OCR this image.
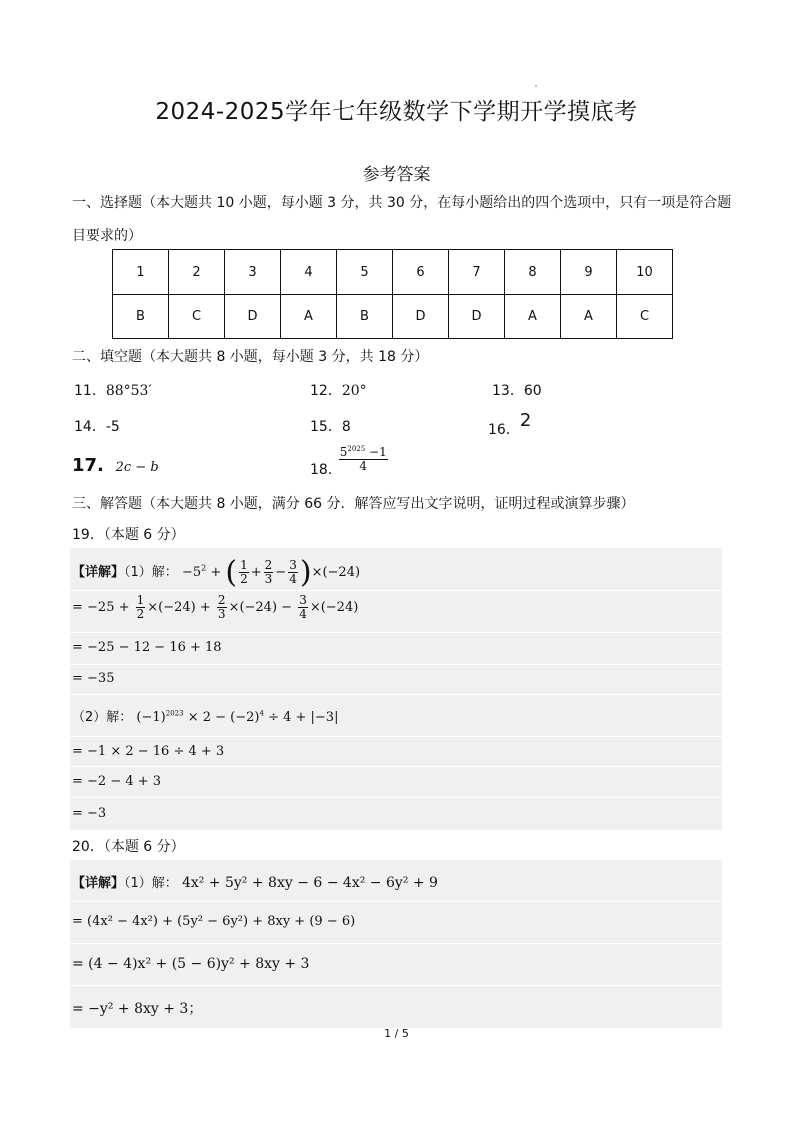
2024-2025学年七年级数学下学期开学摸底考
参考答案
一、选择题（本大题共 10 小题，每小题 3 分，共 30 分，在每小题给出的四个选项中，只有一项是符合题
目要求的）
1	2	3	4	5	6	7	8	9	10
B	C	D	A	B	D	D	A	A	C
二、填空题（本大题共 8 小题，每小题 3 分，共 18 分）
11．88°53′	12．20°	13．60
14．-5	15．8	16．2
17. 2c − b	18. $\frac{5^{2025} -1}{4}$
三、解答题（本大题共 8 小题，满分 66 分．解答应写出文字说明，证明过程或演算步骤）
19．（本题 6 分）
【详解】（1）解： $-5^2$ + ( $\frac{1}{2} + \frac{2}{3} - \frac{3}{4} )\times(-24)$
= $-25 + \frac{1}{2} \times(-24) + \frac{2}{3} \times(-24) - \frac{3}{4} \times(-24)$
= −25 − 12 − 16 + 18
= −35
（2）解： $(-1)^{2023} \times 2 - (-2)^4 \div 4 + |-3|$
= −1 × 2 − 16 ÷ 4 + 3
= −2 − 4 + 3
= −3
20．（本题 6 分）
【详解】（1）解： 4x² + 5y² + 8xy − 6 − 4x² − 6y² + 9
= (4x² − 4x²) + (5y² − 6y²) + 8xy + (9 − 6)
= (4 − 4)x² + (5 − 6)y² + 8xy + 3
= −y² + 8xy + 3；
1 / 5
